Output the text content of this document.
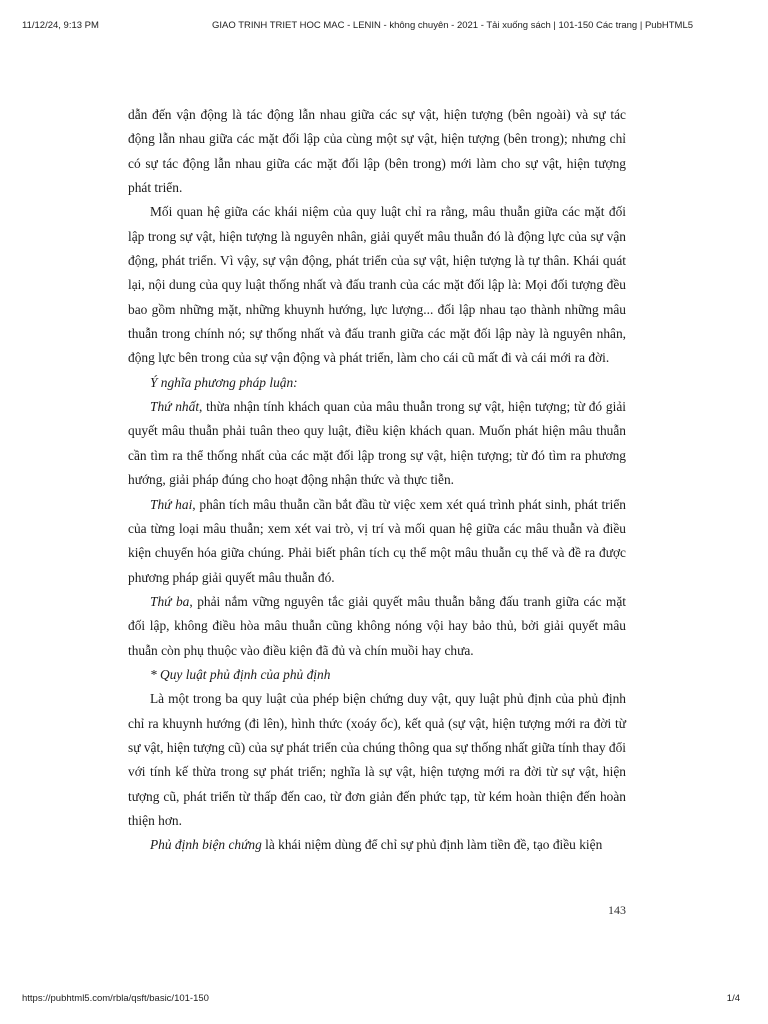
11/12/24, 9:13 PM	GIAO TRINH TRIET HOC MAC - LENIN - không chuyên - 2021 - Tải xuống sách | 101-150 Các trang | PubHTML5

dẫn đến vận động là tác động lẫn nhau giữa các sự vật, hiện tượng (bên ngoài) và sự tác động lẫn nhau giữa các mặt đối lập của cùng một sự vật, hiện tượng (bên trong); nhưng chỉ có sự tác động lẫn nhau giữa các mặt đối lập (bên trong) mới làm cho sự vật, hiện tượng phát triển.

Mối quan hệ giữa các khái niệm của quy luật chỉ ra rằng, mâu thuẫn giữa các mặt đối lập trong sự vật, hiện tượng là nguyên nhân, giải quyết mâu thuẫn đó là động lực của sự vận động, phát triển. Vì vậy, sự vận động, phát triển của sự vật, hiện tượng là tự thân. Khái quát lại, nội dung của quy luật thống nhất và đấu tranh của các mặt đối lập là: Mọi đối tượng đều bao gồm những mặt, những khuynh hướng, lực lượng... đối lập nhau tạo thành những mâu thuẫn trong chính nó; sự thống nhất và đấu tranh giữa các mặt đối lập này là nguyên nhân, động lực bên trong của sự vận động và phát triển, làm cho cái cũ mất đi và cái mới ra đời.

Ý nghĩa phương pháp luận:

Thứ nhất, thừa nhận tính khách quan của mâu thuẫn trong sự vật, hiện tượng; từ đó giải quyết mâu thuẫn phải tuân theo quy luật, điều kiện khách quan. Muốn phát hiện mâu thuẫn cần tìm ra thể thống nhất của các mặt đối lập trong sự vật, hiện tượng; từ đó tìm ra phương hướng, giải pháp đúng cho hoạt động nhận thức và thực tiễn.

Thứ hai, phân tích mâu thuẫn cần bắt đầu từ việc xem xét quá trình phát sinh, phát triển của từng loại mâu thuẫn; xem xét vai trò, vị trí và mối quan hệ giữa các mâu thuẫn và điều kiện chuyển hóa giữa chúng. Phải biết phân tích cụ thể một mâu thuẫn cụ thể và đề ra được phương pháp giải quyết mâu thuẫn đó.

Thứ ba, phải nắm vững nguyên tắc giải quyết mâu thuẫn bằng đấu tranh giữa các mặt đối lập, không điều hòa mâu thuẫn cũng không nóng vội hay bảo thủ, bởi giải quyết mâu thuẫn còn phụ thuộc vào điều kiện đã đủ và chín muồi hay chưa.

* Quy luật phủ định của phủ định

Là một trong ba quy luật của phép biện chứng duy vật, quy luật phủ định của phủ định chỉ ra khuynh hướng (đi lên), hình thức (xoáy ốc), kết quả (sự vật, hiện tượng mới ra đời từ sự vật, hiện tượng cũ) của sự phát triển của chúng thông qua sự thống nhất giữa tính thay đổi với tính kế thừa trong sự phát triển; nghĩa là sự vật, hiện tượng mới ra đời từ sự vật, hiện tượng cũ, phát triển từ thấp đến cao, từ đơn giản đến phức tạp, từ kém hoàn thiện đến hoàn thiện hơn.

Phủ định biện chứng là khái niệm dùng để chỉ sự phủ định làm tiền đề, tạo điều kiện

143
https://pubhtml5.com/rbla/qsft/basic/101-150	1/4
